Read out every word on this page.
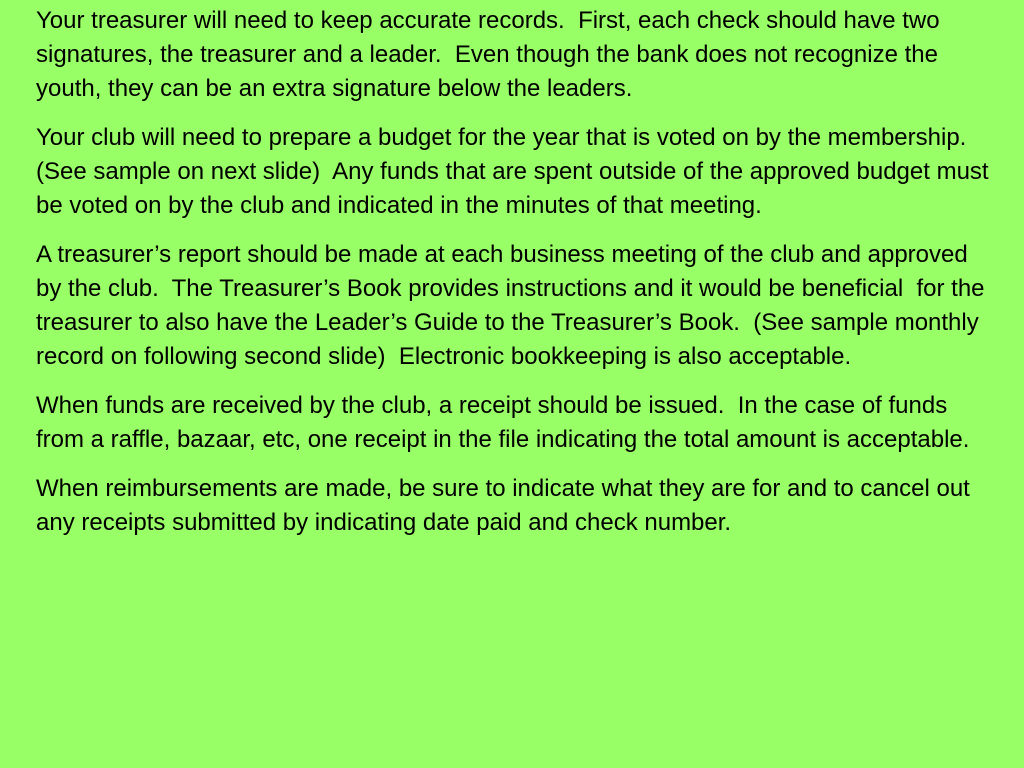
Your treasurer will need to keep accurate records.  First, each check should have two signatures, the treasurer and a leader.  Even though the bank does not recognize the youth, they can be an extra signature below the leaders.

Your club will need to prepare a budget for the year that is voted on by the membership.  (See sample on next slide)  Any funds that are spent outside of the approved budget must be voted on by the club and indicated in the minutes of that meeting.

A treasurer’s report should be made at each business meeting of the club and approved by the club.  The Treasurer’s Book provides instructions and it would be beneficial  for the treasurer to also have the Leader’s Guide to the Treasurer’s Book.  (See sample monthly record on following second slide)  Electronic bookkeeping is also acceptable.

When funds are received by the club, a receipt should be issued.  In the case of funds from a raffle, bazaar, etc, one receipt in the file indicating the total amount is acceptable.

When reimbursements are made, be sure to indicate what they are for and to cancel out any receipts submitted by indicating date paid and check number.
